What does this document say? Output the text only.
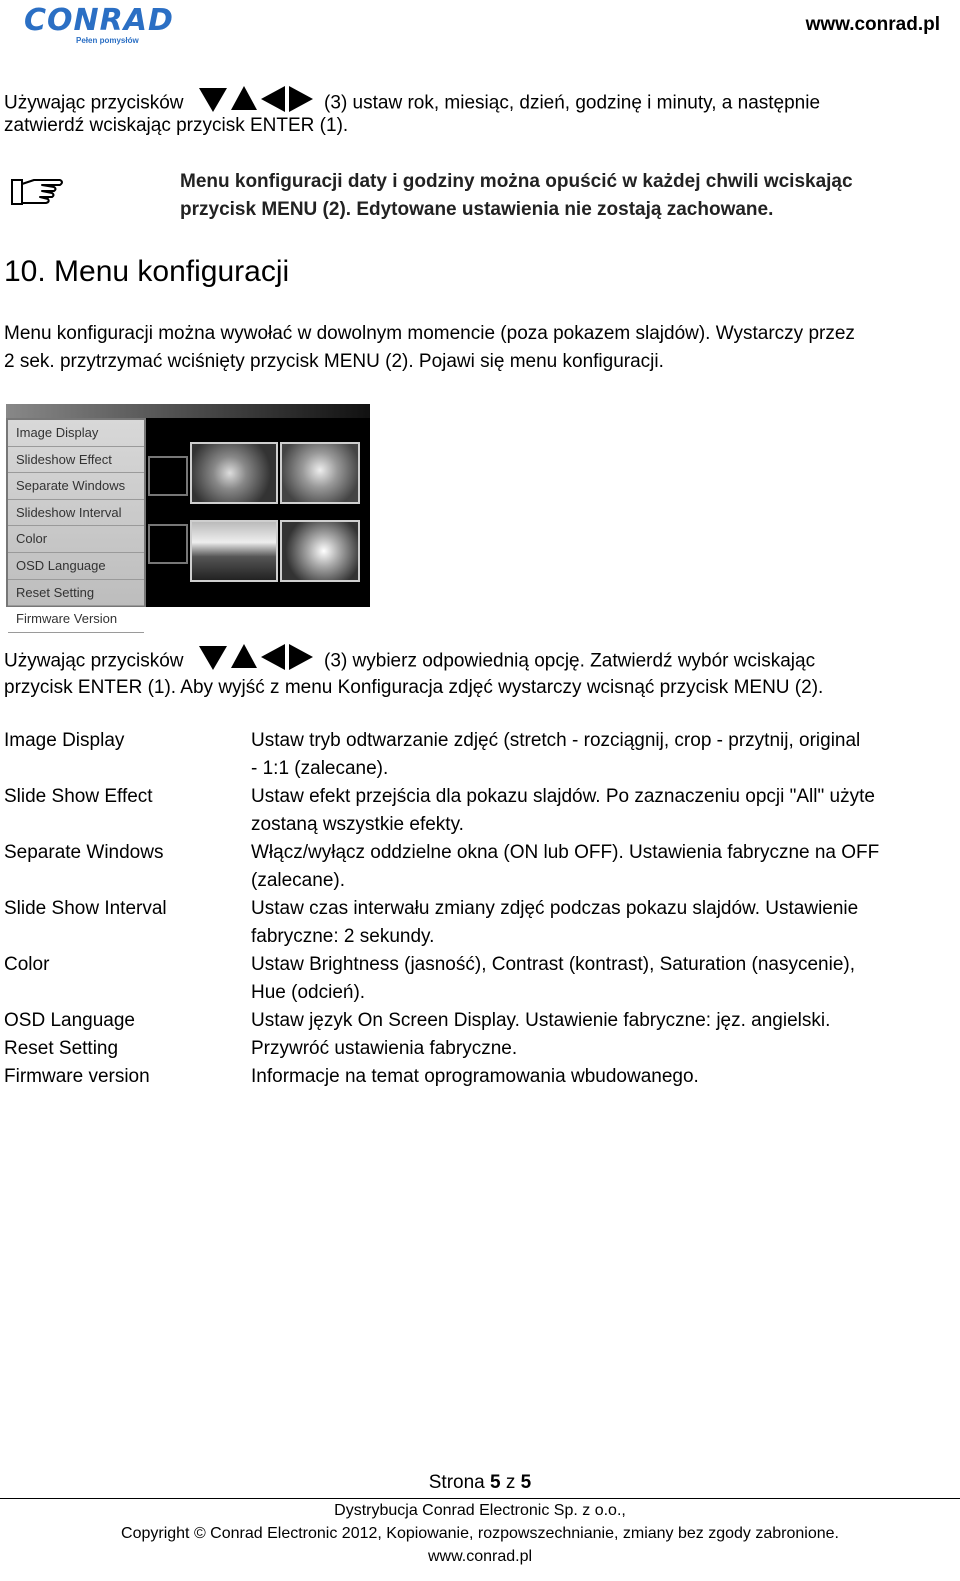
CONRAD
Pełen pomysłów
www.conrad.pl
Używając przycisków	(3) ustaw rok, miesiąc, dzień, godzinę i minuty, a następnie
zatwierdź wciskając przycisk ENTER (1).
Menu konfiguracji daty i godziny można opuścić w każdej chwili wciskając
przycisk MENU (2). Edytowane ustawienia nie zostają zachowane.
10. Menu konfiguracji
Menu konfiguracji można wywołać w dowolnym momencie (poza pokazem slajdów). Wystarczy przez
2 sek. przytrzymać wciśnięty przycisk MENU (2). Pojawi się menu konfiguracji.
Image Display
Slideshow Effect
Separate Windows
Slideshow Interval
Color
OSD Language
Reset Setting
Firmware Version
Używając przycisków	(3) wybierz odpowiednią opcję. Zatwierdź wybór wciskając
przycisk ENTER (1). Aby wyjść z menu Konfiguracja zdjęć wystarczy wcisnąć przycisk MENU (2).
Image Display	Ustaw tryb odtwarzanie zdjęć (stretch - rozciągnij, crop - przytnij, original
- 1:1 (zalecane).
Slide Show Effect	Ustaw efekt przejścia dla pokazu slajdów. Po zaznaczeniu opcji "All" użyte
zostaną wszystkie efekty.
Separate Windows	Włącz/wyłącz oddzielne okna (ON lub OFF). Ustawienia fabryczne na OFF
(zalecane).
Slide Show Interval	Ustaw czas interwału zmiany zdjęć podczas pokazu slajdów. Ustawienie
fabryczne: 2 sekundy.
Color	Ustaw Brightness (jasność), Contrast (kontrast), Saturation (nasycenie),
Hue (odcień).
OSD Language	Ustaw język On Screen Display. Ustawienie fabryczne: jęz. angielski.
Reset Setting	Przywróć ustawienia fabryczne.
Firmware version	Informacje na temat oprogramowania wbudowanego.
Strona 5 z 5
Dystrybucja Conrad Electronic Sp. z o.o.,
Copyright © Conrad Electronic 2012, Kopiowanie, rozpowszechnianie, zmiany bez zgody zabronione.
www.conrad.pl
